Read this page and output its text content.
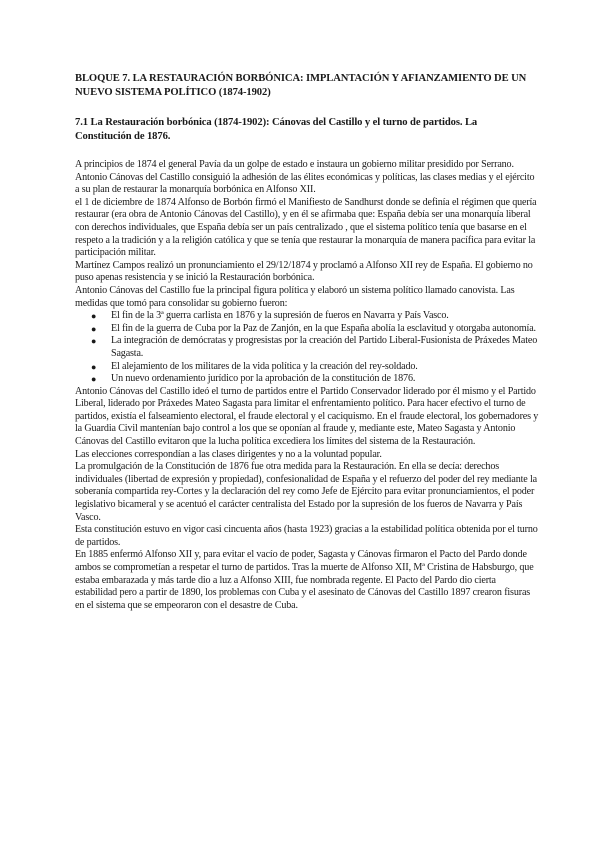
BLOQUE 7. LA RESTAURACIÓN BORBÓNICA: IMPLANTACIÓN Y AFIANZAMIENTO DE UN NUEVO SISTEMA POLÍTICO (1874-1902)
7.1 La Restauración borbónica (1874-1902): Cánovas del Castillo y el turno de partidos. La Constitución de 1876.

A principios de 1874 el general Pavía da un golpe de estado e instaura un gobierno militar presidido por Serrano. Antonio Cánovas del Castillo consiguió la adhesión de las élites económicas y políticas, las clases medias y el ejército a su plan de restaurar la monarquía borbónica en Alfonso XII.

el 1 de diciembre de 1874 Alfonso de Borbón firmó el Manifiesto de Sandhurst donde se definía el régimen que quería restaurar (era obra de Antonio Cánovas del Castillo), y en él se afirmaba que: España debía ser una monarquía liberal con derechos individuales, que España debía ser un país centralizado , que el sistema político tenía que basarse en el respeto a la tradición y a la religión católica y que se tenía que restaurar la monarquía de manera pacífica para evitar la participación militar.

Martínez Campos realizó un pronunciamiento el 29/12/1874 y proclamó a Alfonso XII rey de España. El gobierno no puso apenas resistencia y se inició la Restauración borbónica.

Antonio Cánovas del Castillo fue la principal figura política y elaboró un sistema político llamado canovista. Las medidas que tomó para consolidar su gobierno fueron:

● El fin de la 3ª guerra carlista en 1876 y la supresión de fueros en Navarra y País Vasco.
● El fin de la guerra de Cuba por la Paz de Zanjón, en la que España abolía la esclavitud y otorgaba autonomía.
● La integración de demócratas y progresistas por la creación del Partido Liberal-Fusionista de Práxedes Mateo Sagasta.
● El alejamiento de los militares de la vida política y la creación del rey-soldado.
● Un nuevo ordenamiento jurídico por la aprobación de la constitución de 1876.

Antonio Cánovas del Castillo ideó el turno de partidos entre el Partido Conservador liderado por él mismo y el Partido Liberal, liderado por Práxedes Mateo Sagasta para limitar el enfrentamiento político. Para hacer efectivo el turno de partidos, existía el falseamiento electoral, el fraude electoral y el caciquismo. En el fraude electoral, los gobernadores y la Guardia Civil mantenían bajo control a los que se oponían al fraude y, mediante este, Mateo Sagasta y Antonio Cánovas del Castillo evitaron que la lucha política excediera los límites del sistema de la Restauración.

Las elecciones correspondían a las clases dirigentes y no a la voluntad popular.

La promulgación de la Constitución de 1876 fue otra medida para la Restauración. En ella se decía: derechos individuales (libertad de expresión y propiedad), confesionalidad de España y el refuerzo del poder del rey mediante la soberanía compartida rey-Cortes y la declaración del rey como Jefe de Ejército para evitar pronunciamientos, el poder legislativo bicameral y se acentuó el carácter centralista del Estado por la supresión de los fueros de Navarra y País Vasco.

Esta constitución estuvo en vigor casi cincuenta años (hasta 1923) gracias a la estabilidad política obtenida por el turno de partidos.

En 1885 enfermó Alfonso XII y, para evitar el vacío de poder, Sagasta y Cánovas firmaron el Pacto del Pardo donde ambos se comprometían a respetar el turno de partidos. Tras la muerte de Alfonso XII, Mª Cristina de Habsburgo, que estaba embarazada y más tarde dio a luz a Alfonso XIII, fue nombrada regente. El Pacto del Pardo dio cierta estabilidad pero a partir de 1890, los problemas con Cuba y el asesinato de Cánovas del Castillo 1897 crearon fisuras en el sistema que se empeoraron con el desastre de Cuba.
